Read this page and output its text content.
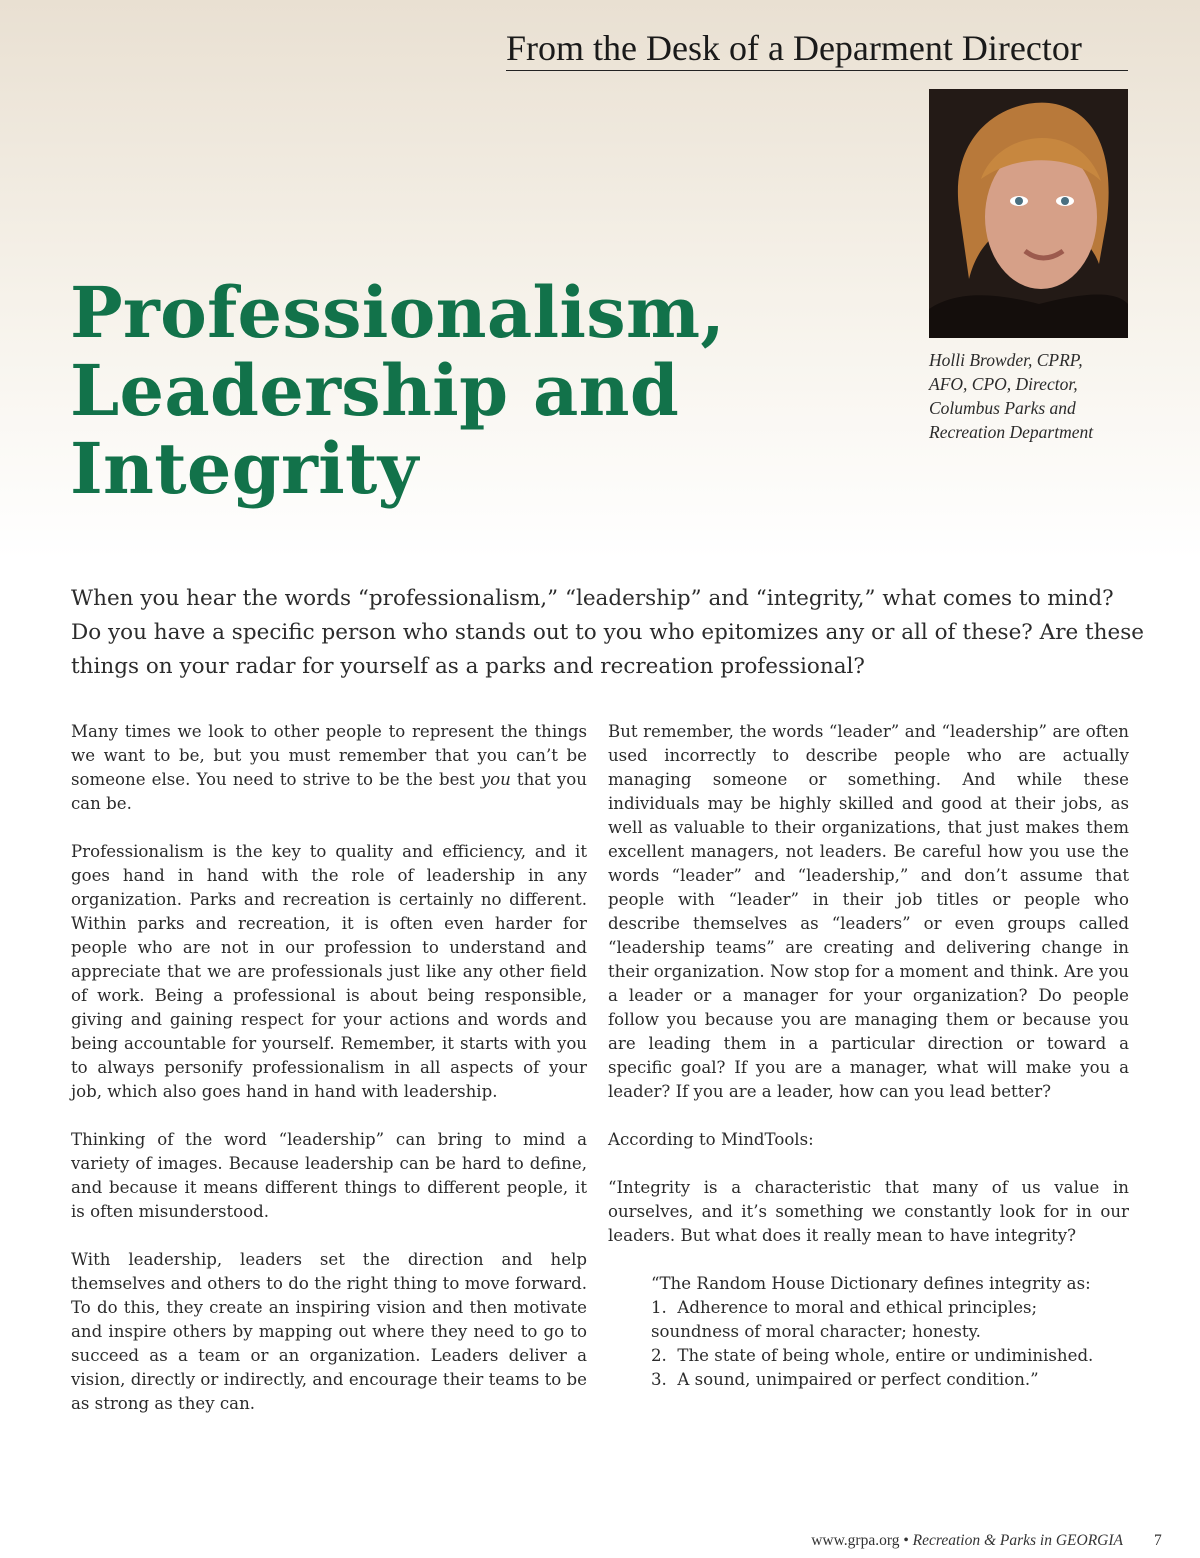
From the Desk of a Deparment Director
Professionalism,
Leadership and
Integrity
Holli Browder, CPRP,
AFO, CPO, Director,
Columbus Parks and
Recreation Department
When you hear the words “professionalism,” “leadership” and “integrity,” what comes to mind?
Do you have a specific person who stands out to you who epitomizes any or all of these? Are these
things on your radar for yourself as a parks and recreation professional?

Many times we look to other people to represent the things we want to be, but you must remember that you can’t be someone else. You need to strive to be the best you that you can be.

Professionalism is the key to quality and efficiency, and it goes hand in hand with the role of leadership in any organization. Parks and recreation is certainly no different. Within parks and recreation, it is often even harder for people who are not in our profession to understand and appreciate that we are professionals just like any other field of work. Being a professional is about being responsible, giving and gaining respect for your actions and words and being accountable for yourself. Remember, it starts with you to always personify professionalism in all aspects of your job, which also goes hand in hand with leadership.

Thinking of the word “leadership” can bring to mind a variety of images. Because leadership can be hard to define, and because it means different things to different people, it is often misunderstood.

With leadership, leaders set the direction and help themselves and others to do the right thing to move forward. To do this, they create an inspiring vision and then motivate and inspire others by mapping out where they need to go to succeed as a team or an organization. Leaders deliver a vision, directly or indirectly, and encourage their teams to be as strong as they can.

But remember, the words “leader” and “leadership” are often used incorrectly to describe people who are actually managing someone or something. And while these individuals may be highly skilled and good at their jobs, as well as valuable to their organizations, that just makes them excellent managers, not leaders. Be careful how you use the words “leader” and “leadership,” and don’t assume that people with “leader” in their job titles or people who describe themselves as “leaders” or even groups called “leadership teams” are creating and delivering change in their organization. Now stop for a moment and think. Are you a leader or a manager for your organization? Do people follow you because you are managing them or because you are leading them in a particular direction or toward a specific goal? If you are a manager, what will make you a leader? If you are a leader, how can you lead better?

According to MindTools:

“Integrity is a characteristic that many of us value in ourselves, and it’s something we constantly look for in our leaders. But what does it really mean to have integrity?

“The Random House Dictionary defines integrity as:
1.  Adherence to moral and ethical principles;
soundness of moral character; honesty.
2.  The state of being whole, entire or undiminished.
3.  A sound, unimpaired or perfect condition.”
www.grpa.org • Recreation & Parks in GEORGIA 7
